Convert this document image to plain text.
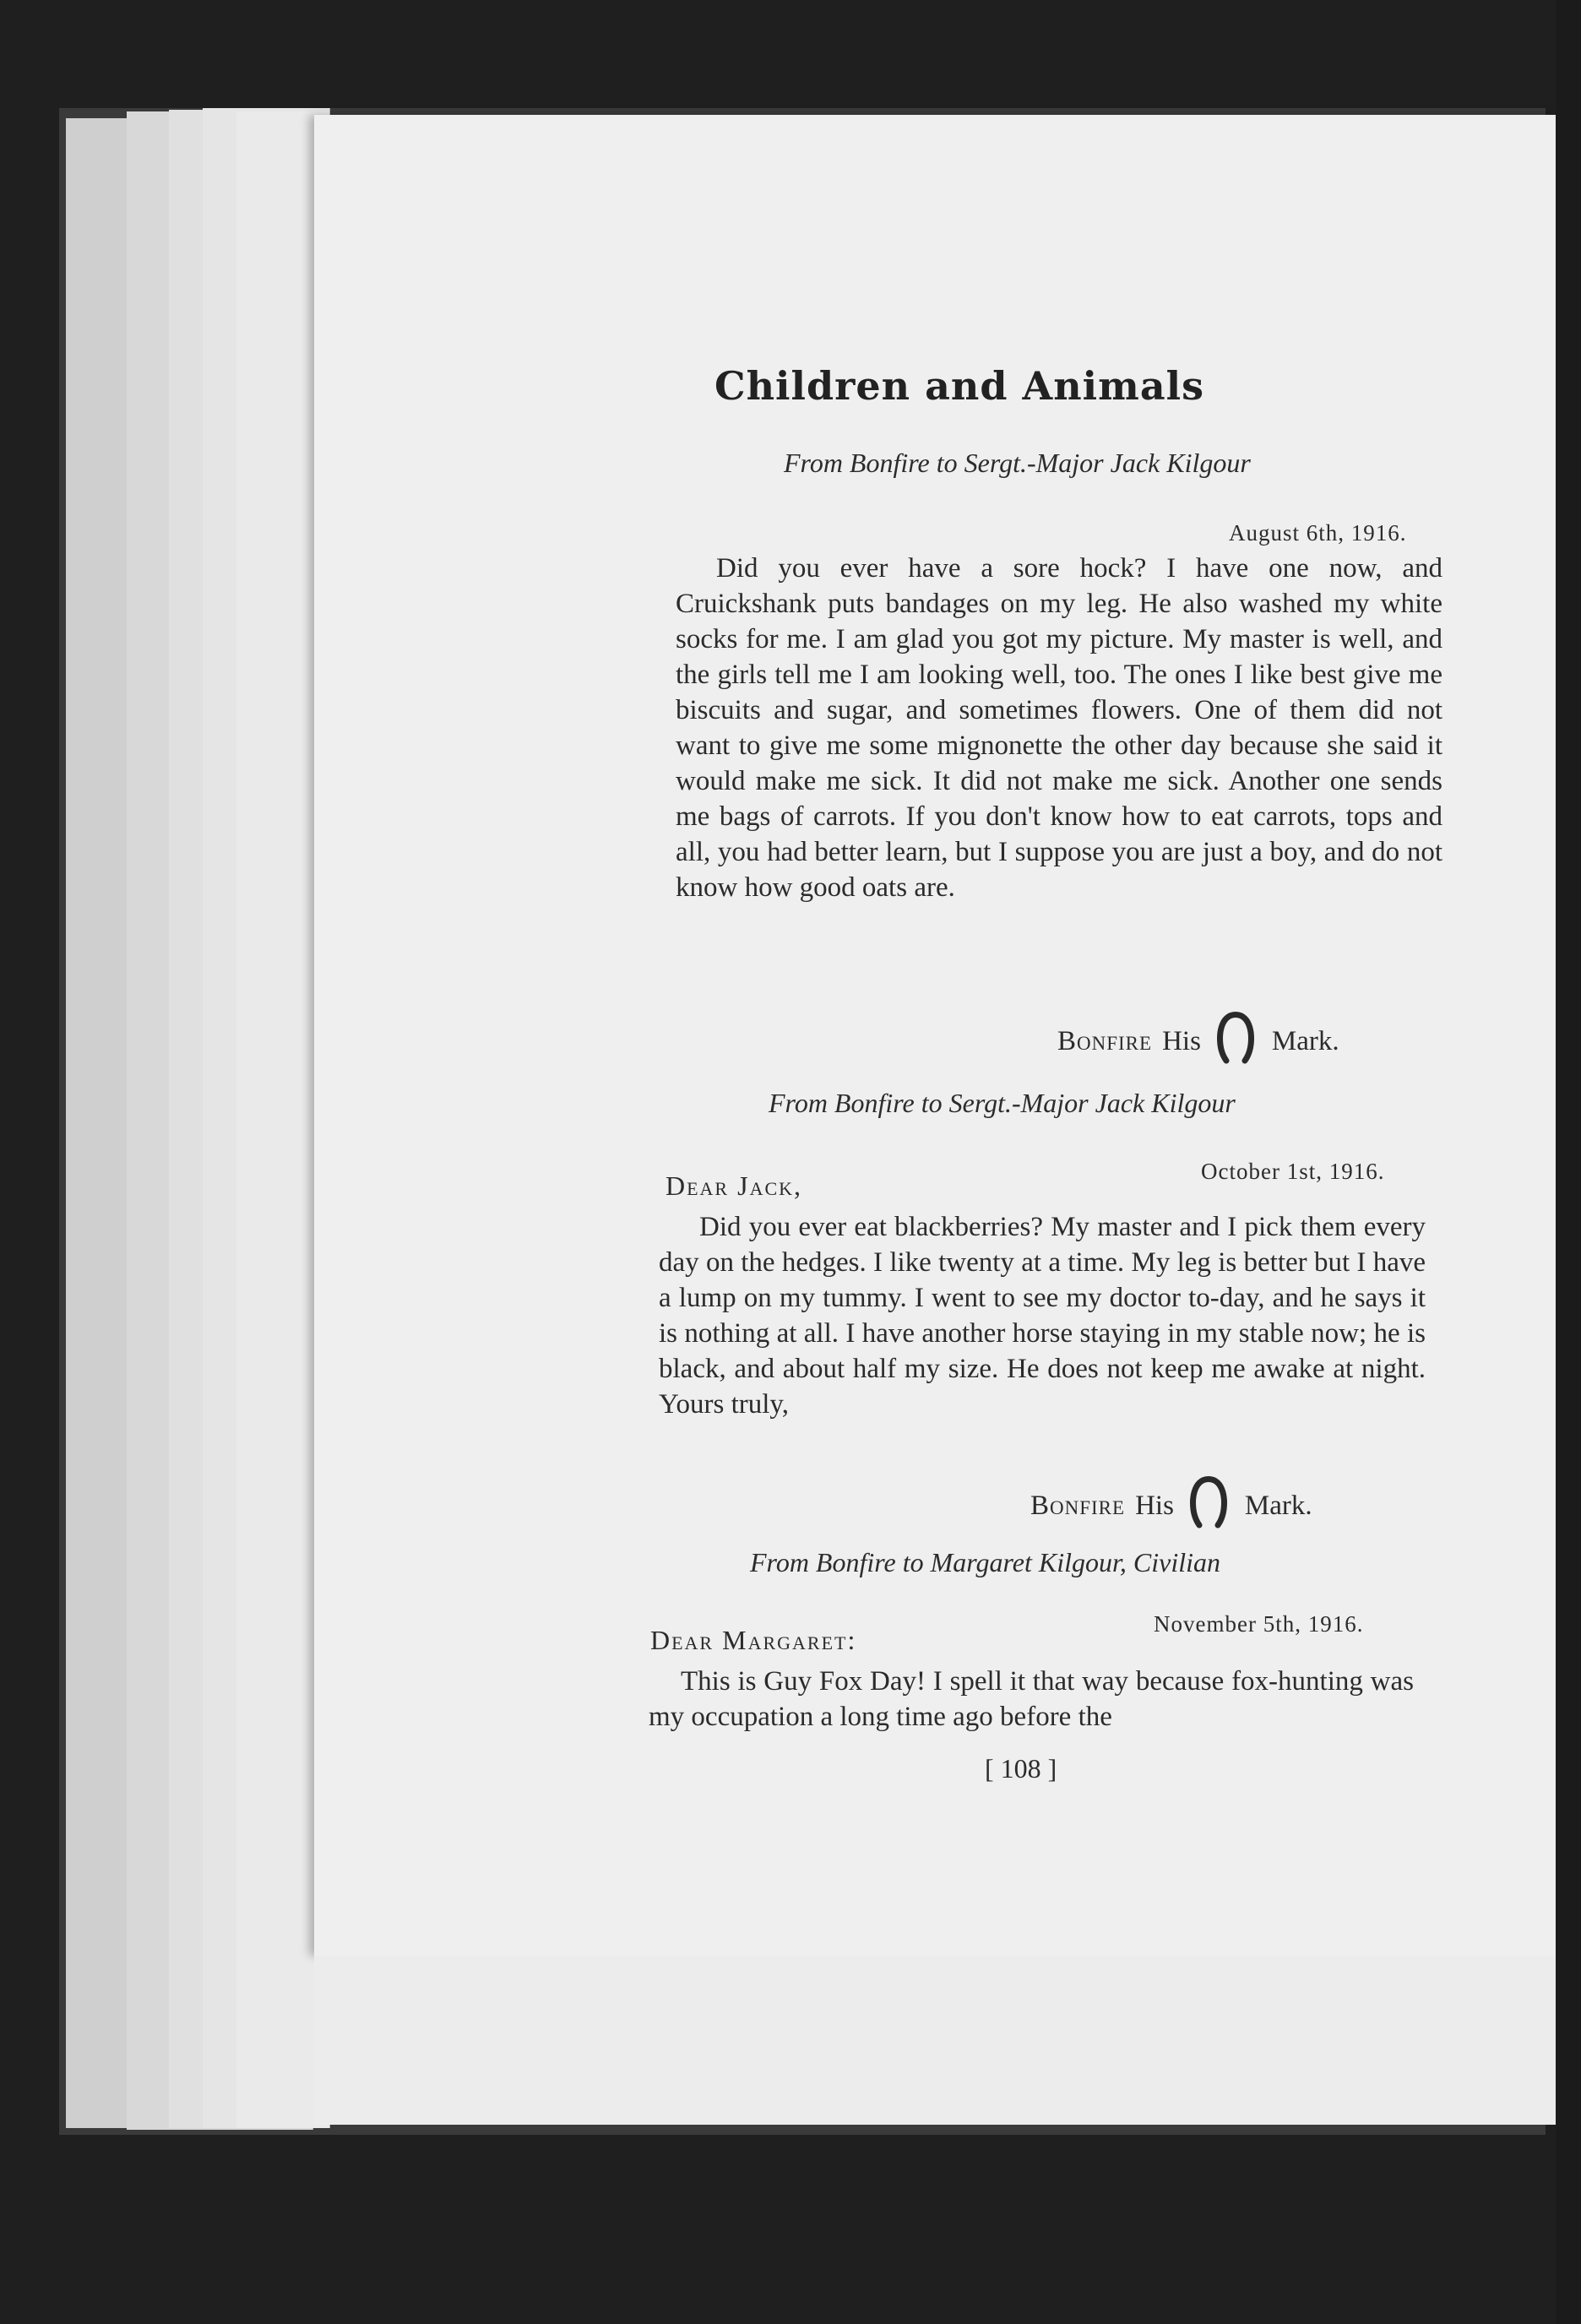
Children and Animals
From Bonfire to Sergt.-Major Jack Kilgour
August 6th, 1916.
Did you ever have a sore hock? I have one now, and Cruickshank puts bandages on my leg. He also washed my white socks for me. I am glad you got my picture. My master is well, and the girls tell me I am looking well, too. The ones I like best give me biscuits and sugar, and sometimes flowers. One of them did not want to give me some mignonette the other day because she said it would make me sick. It did not make me sick. Another one sends me bags of carrots. If you don't know how to eat carrots, tops and all, you had better learn, but I suppose you are just a boy, and do not know how good oats are.
Bonfire His	Mark.
From Bonfire to Sergt.-Major Jack Kilgour
October 1st, 1916.
Dear Jack,
Did you ever eat blackberries? My master and I pick them every day on the hedges. I like twenty at a time. My leg is better but I have a lump on my tummy. I went to see my doctor to-day, and he says it is nothing at all. I have another horse staying in my stable now; he is black, and about half my size. He does not keep me awake at night. Yours truly,
Bonfire His	Mark.
From Bonfire to Margaret Kilgour, Civilian
November 5th, 1916.
Dear Margaret:
This is Guy Fox Day! I spell it that way because fox-hunting was my occupation a long time ago before the
[ 108 ]
